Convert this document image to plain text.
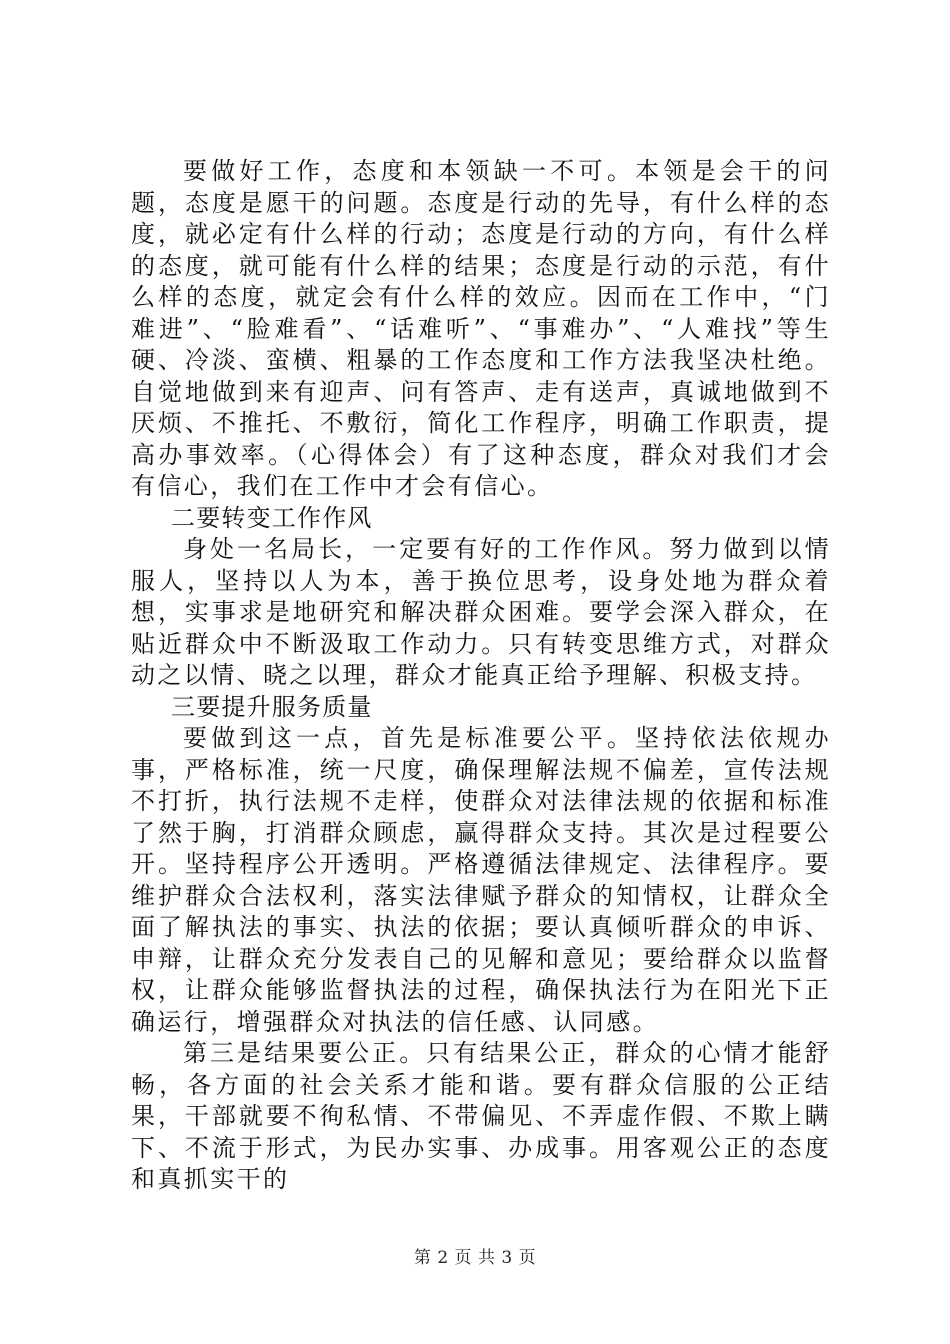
要做好工作，态度和本领缺一不可。本领是会干的问题，态度是愿干的问题。态度是行动的先导，有什么样的态度，就必定有什么样的行动；态度是行动的方向，有什么样的态度，就可能有什么样的结果；态度是行动的示范，有什么样的态度，就定会有什么样的效应。因而在工作中，“门难进”、“脸难看”、“话难听”、“事难办”、“人难找”等生硬、冷淡、蛮横、粗暴的工作态度和工作方法我坚决杜绝。自觉地做到来有迎声、问有答声、走有送声，真诚地做到不厌烦、不推托、不敷衍，简化工作程序，明确工作职责，提高办事效率。（心得体会）有了这种态度，群众对我们才会有信心，我们在工作中才会有信心。

二要转变工作作风

身处一名局长，一定要有好的工作作风。努力做到以情服人，坚持以人为本，善于换位思考，设身处地为群众着想，实事求是地研究和解决群众困难。要学会深入群众，在贴近群众中不断汲取工作动力。只有转变思维方式，对群众动之以情、晓之以理，群众才能真正给予理解、积极支持。

三要提升服务质量

要做到这一点，首先是标准要公平。坚持依法依规办事，严格标准，统一尺度，确保理解法规不偏差，宣传法规不打折，执行法规不走样，使群众对法律法规的依据和标准了然于胸，打消群众顾虑，赢得群众支持。其次是过程要公开。坚持程序公开透明。严格遵循法律规定、法律程序。要维护群众合法权利，落实法律赋予群众的知情权，让群众全面了解执法的事实、执法的依据；要认真倾听群众的申诉、申辩，让群众充分发表自己的见解和意见；要给群众以监督权，让群众能够监督执法的过程，确保执法行为在阳光下正确运行，增强群众对执法的信任感、认同感。

第三是结果要公正。只有结果公正，群众的心情才能舒畅，各方面的社会关系才能和谐。要有群众信服的公正结果，干部就要不徇私情、不带偏见、不弄虚作假、不欺上瞒下、不流于形式，为民办实事、办成事。用客观公正的态度和真抓实干的

第 2 页 共 3 页
